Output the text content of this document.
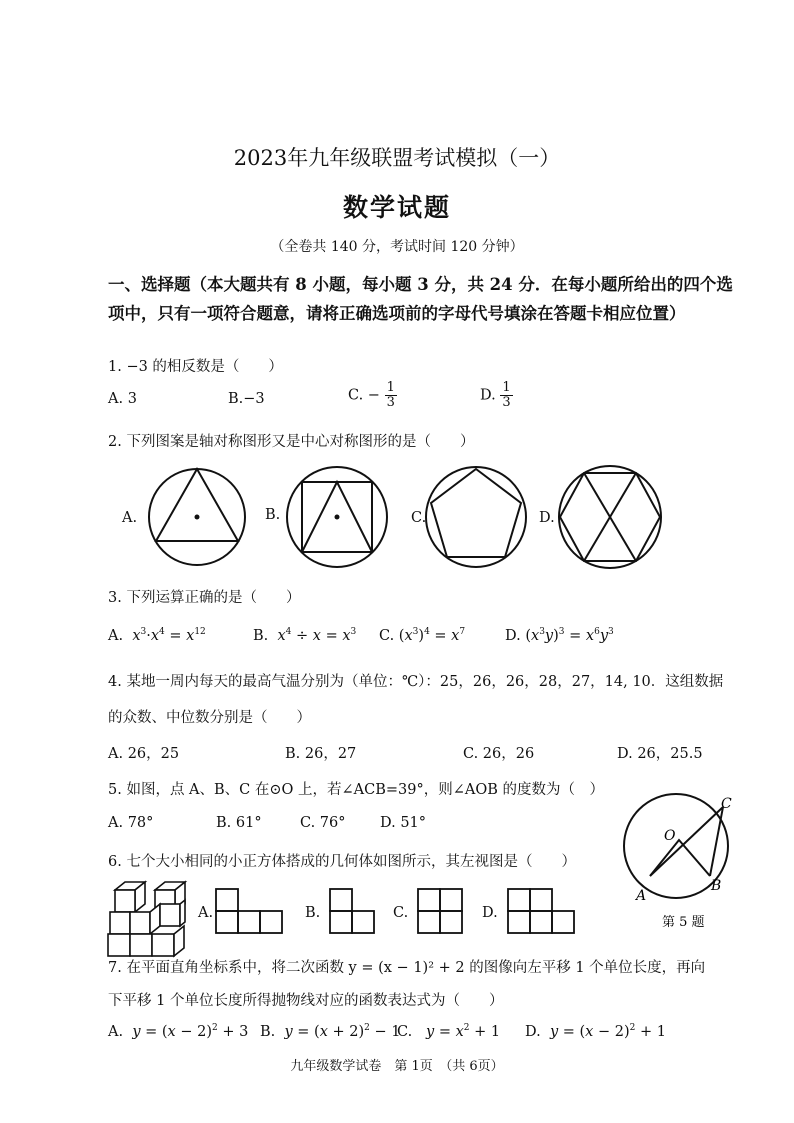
2023年九年级联盟考试模拟（一）
数学试题
（全卷共 140 分，考试时间 120 分钟）
一、选择题（本大题共有 8 小题，每小题 3 分，共 24 分．在每小题所给出的四个选项中，只有一项符合题意，请将正确选项前的字母代号填涂在答题卡相应位置）
1. −3 的相反数是（　　）
A. 3	B.−3	C. − $\frac{1}{3}$	D. $\frac{1}{3}$
2. 下列图案是轴对称图形又是中心对称图形的是（　　）
A.	B.	C.	D.
O
A
B
C
第 5 题
3. 下列运算正确的是（　　）
A. $x^3\cdot x^4 = x^{12}$	B. $x^4 \div x = x^3$ C. $(x^3)^4 = x^7$	D. $(x^3y)^3 = x^6y^3$
4. 某地一周内每天的最高气温分别为（单位：℃）：25，26，26，28，27，14, 10．这组数据
的众数、中位数分别是（　　）
A. 26，25	B. 26，27	C. 26，26	D. 26，25.5
5. 如图，点 A、B、C 在⊙O 上，若∠ACB=39°，则∠AOB 的度数为（　）
A. 78°	B. 61°	C. 76° D. 51°
6. 七个大小相同的小正方体搭成的几何体如图所示，其左视图是（　　）
A.	B.	C.	D.
7. 在平面直角坐标系中，将二次函数 y = (x − 1)² + 2 的图像向左平移 1 个单位长度，再向
下平移 1 个单位长度所得抛物线对应的函数表达式为（　　）
A. $y = (x - 2)^2 + 3$ B. $y = (x + 2)^2 - 1$
C. $y = x^2 + 1$ D. $y = (x - 2)^2 + 1$
九年级数学试卷　第 1页　（共 6页）
